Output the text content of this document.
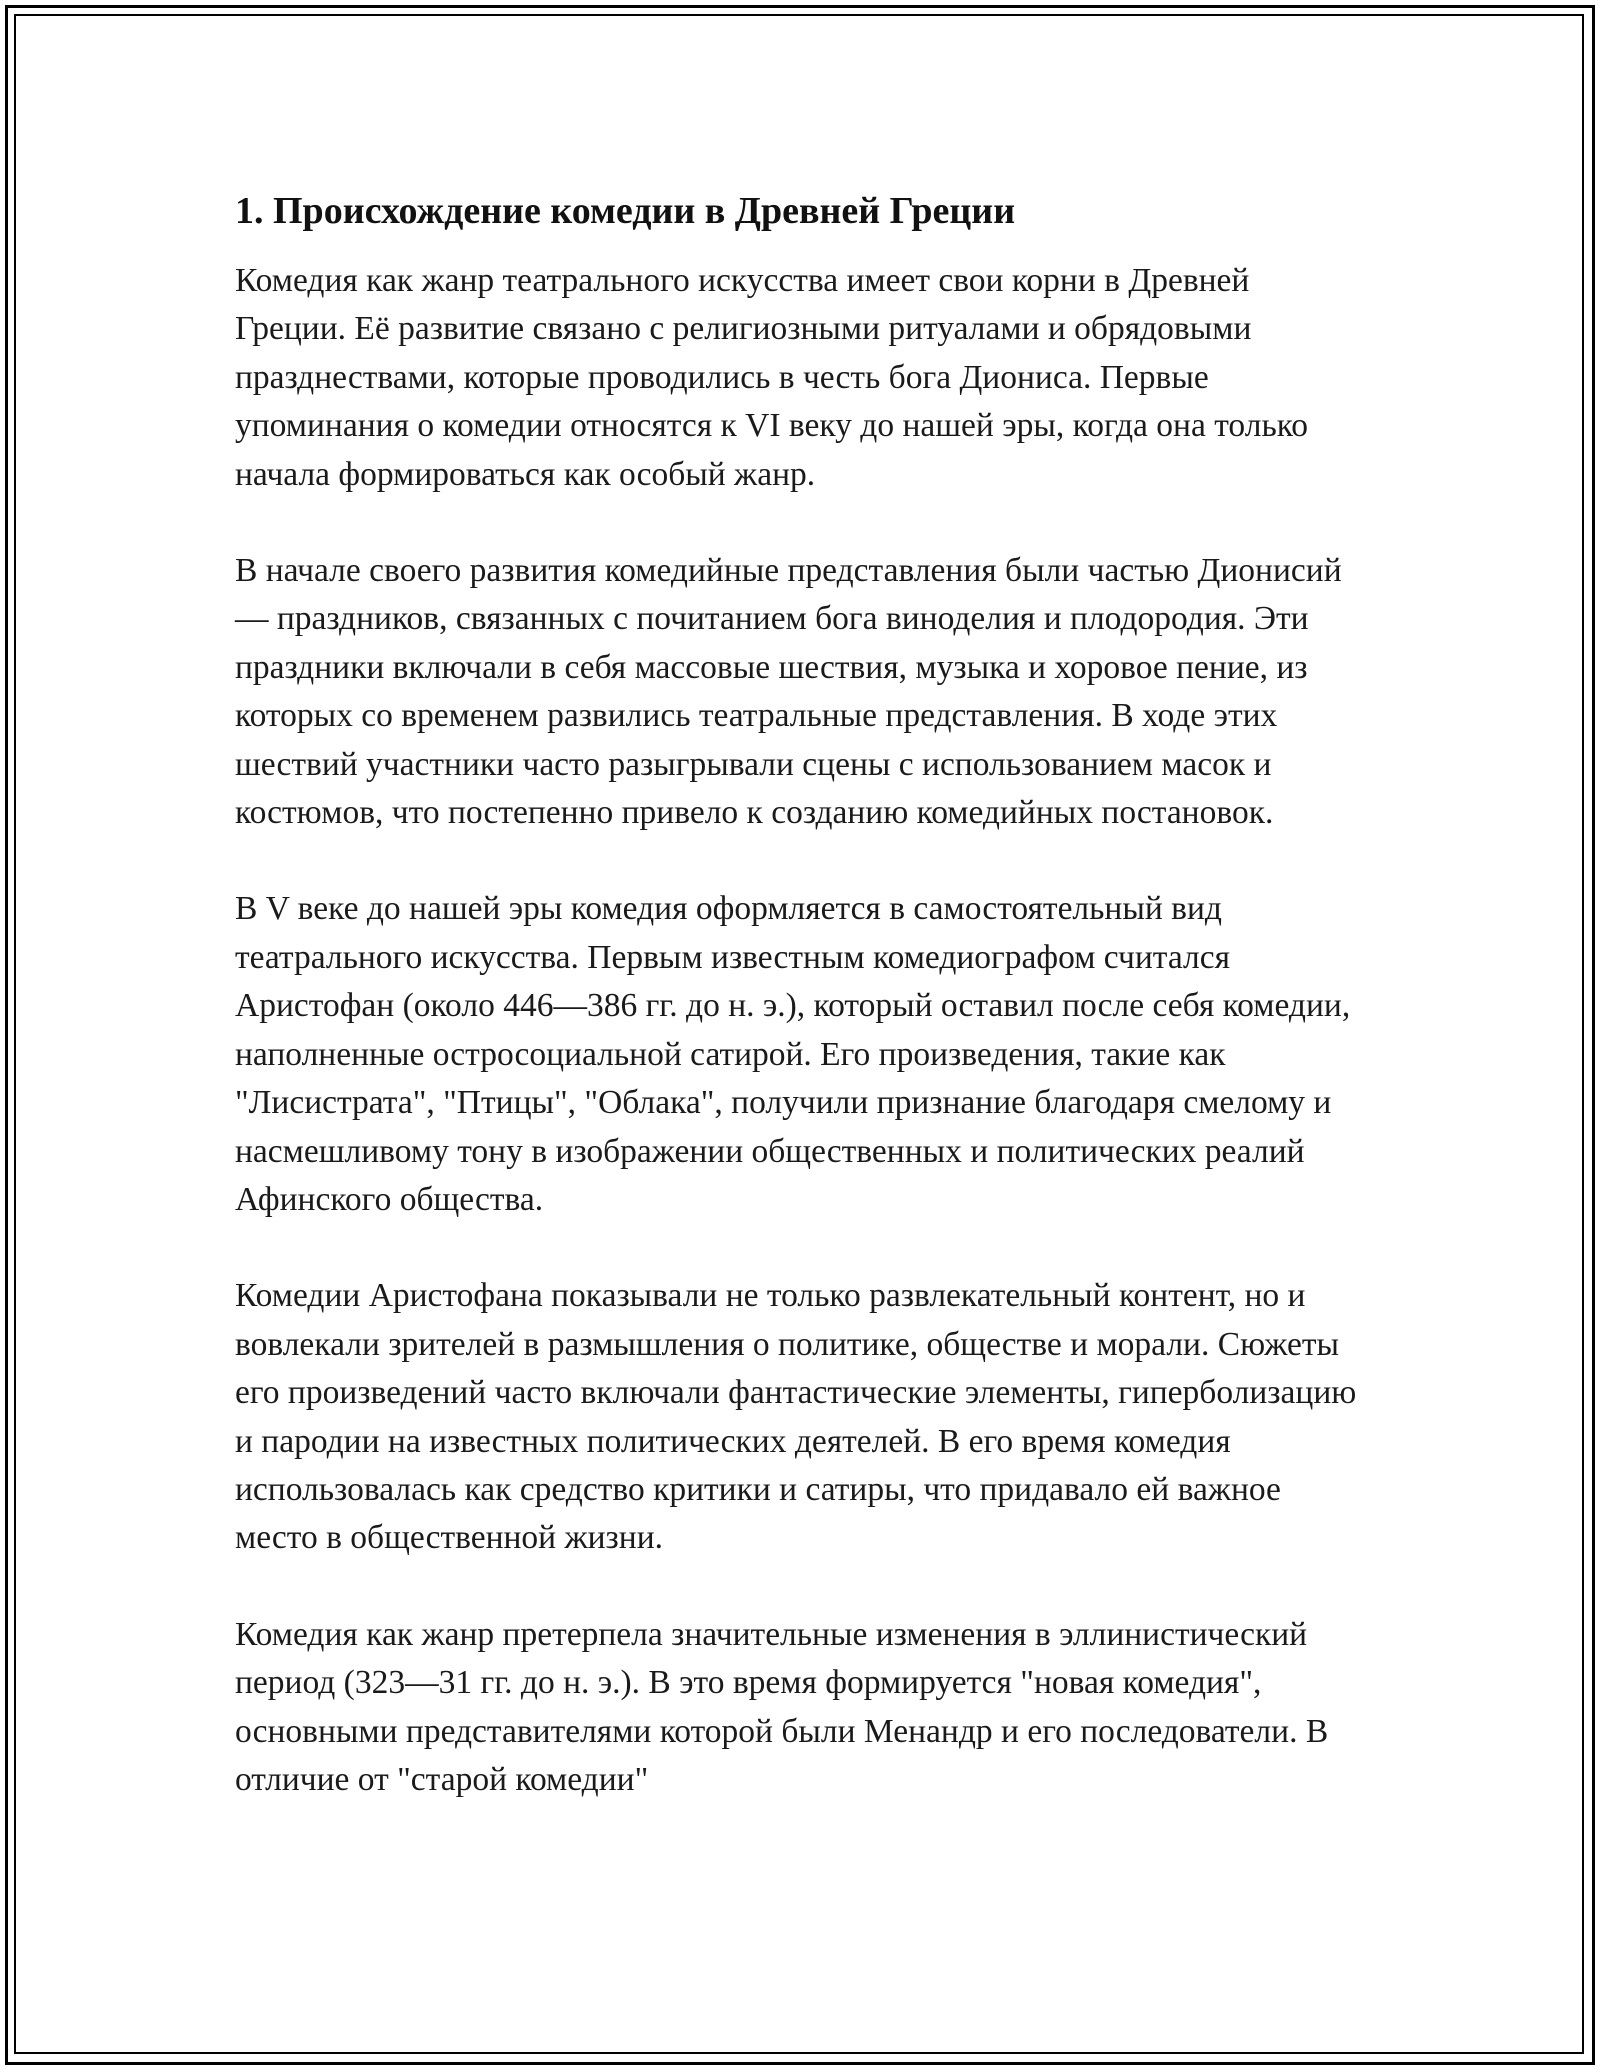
1. Происхождение комедии в Древней Греции

Комедия как жанр театрального искусства имеет свои корни в Древней Греции. Её развитие связано с религиозными ритуалами и обрядовыми празднествами, которые проводились в честь бога Диониса. Первые упоминания о комедии относятся к VI веку до нашей эры, когда она только начала формироваться как особый жанр.

В начале своего развития комедийные представления были частью Дионисий — праздников, связанных с почитанием бога виноделия и плодородия. Эти праздники включали в себя массовые шествия, музыка и хоровое пение, из которых со временем развились театральные представления. В ходе этих шествий участники часто разыгрывали сцены с использованием масок и костюмов, что постепенно привело к созданию комедийных постановок.

В V веке до нашей эры комедия оформляется в самостоятельный вид театрального искусства. Первым известным комедиографом считался Аристофан (около 446—386 гг. до н. э.), который оставил после себя комедии, наполненные остросоциальной сатирой. Его произведения, такие как "Лисистрата", "Птицы", "Облака", получили признание благодаря смелому и насмешливому тону в изображении общественных и политических реалий Афинского общества.

Комедии Аристофана показывали не только развлекательный контент, но и вовлекали зрителей в размышления о политике, обществе и морали. Сюжеты его произведений часто включали фантастические элементы, гиперболизацию и пародии на известных политических деятелей. В его время комедия использовалась как средство критики и сатиры, что придавало ей важное место в общественной жизни.

Комедия как жанр претерпела значительные изменения в эллинистический период (323—31 гг. до н. э.). В это время формируется "новая комедия", основными представителями которой были Менандр и его последователи. В отличие от "старой комедии"
